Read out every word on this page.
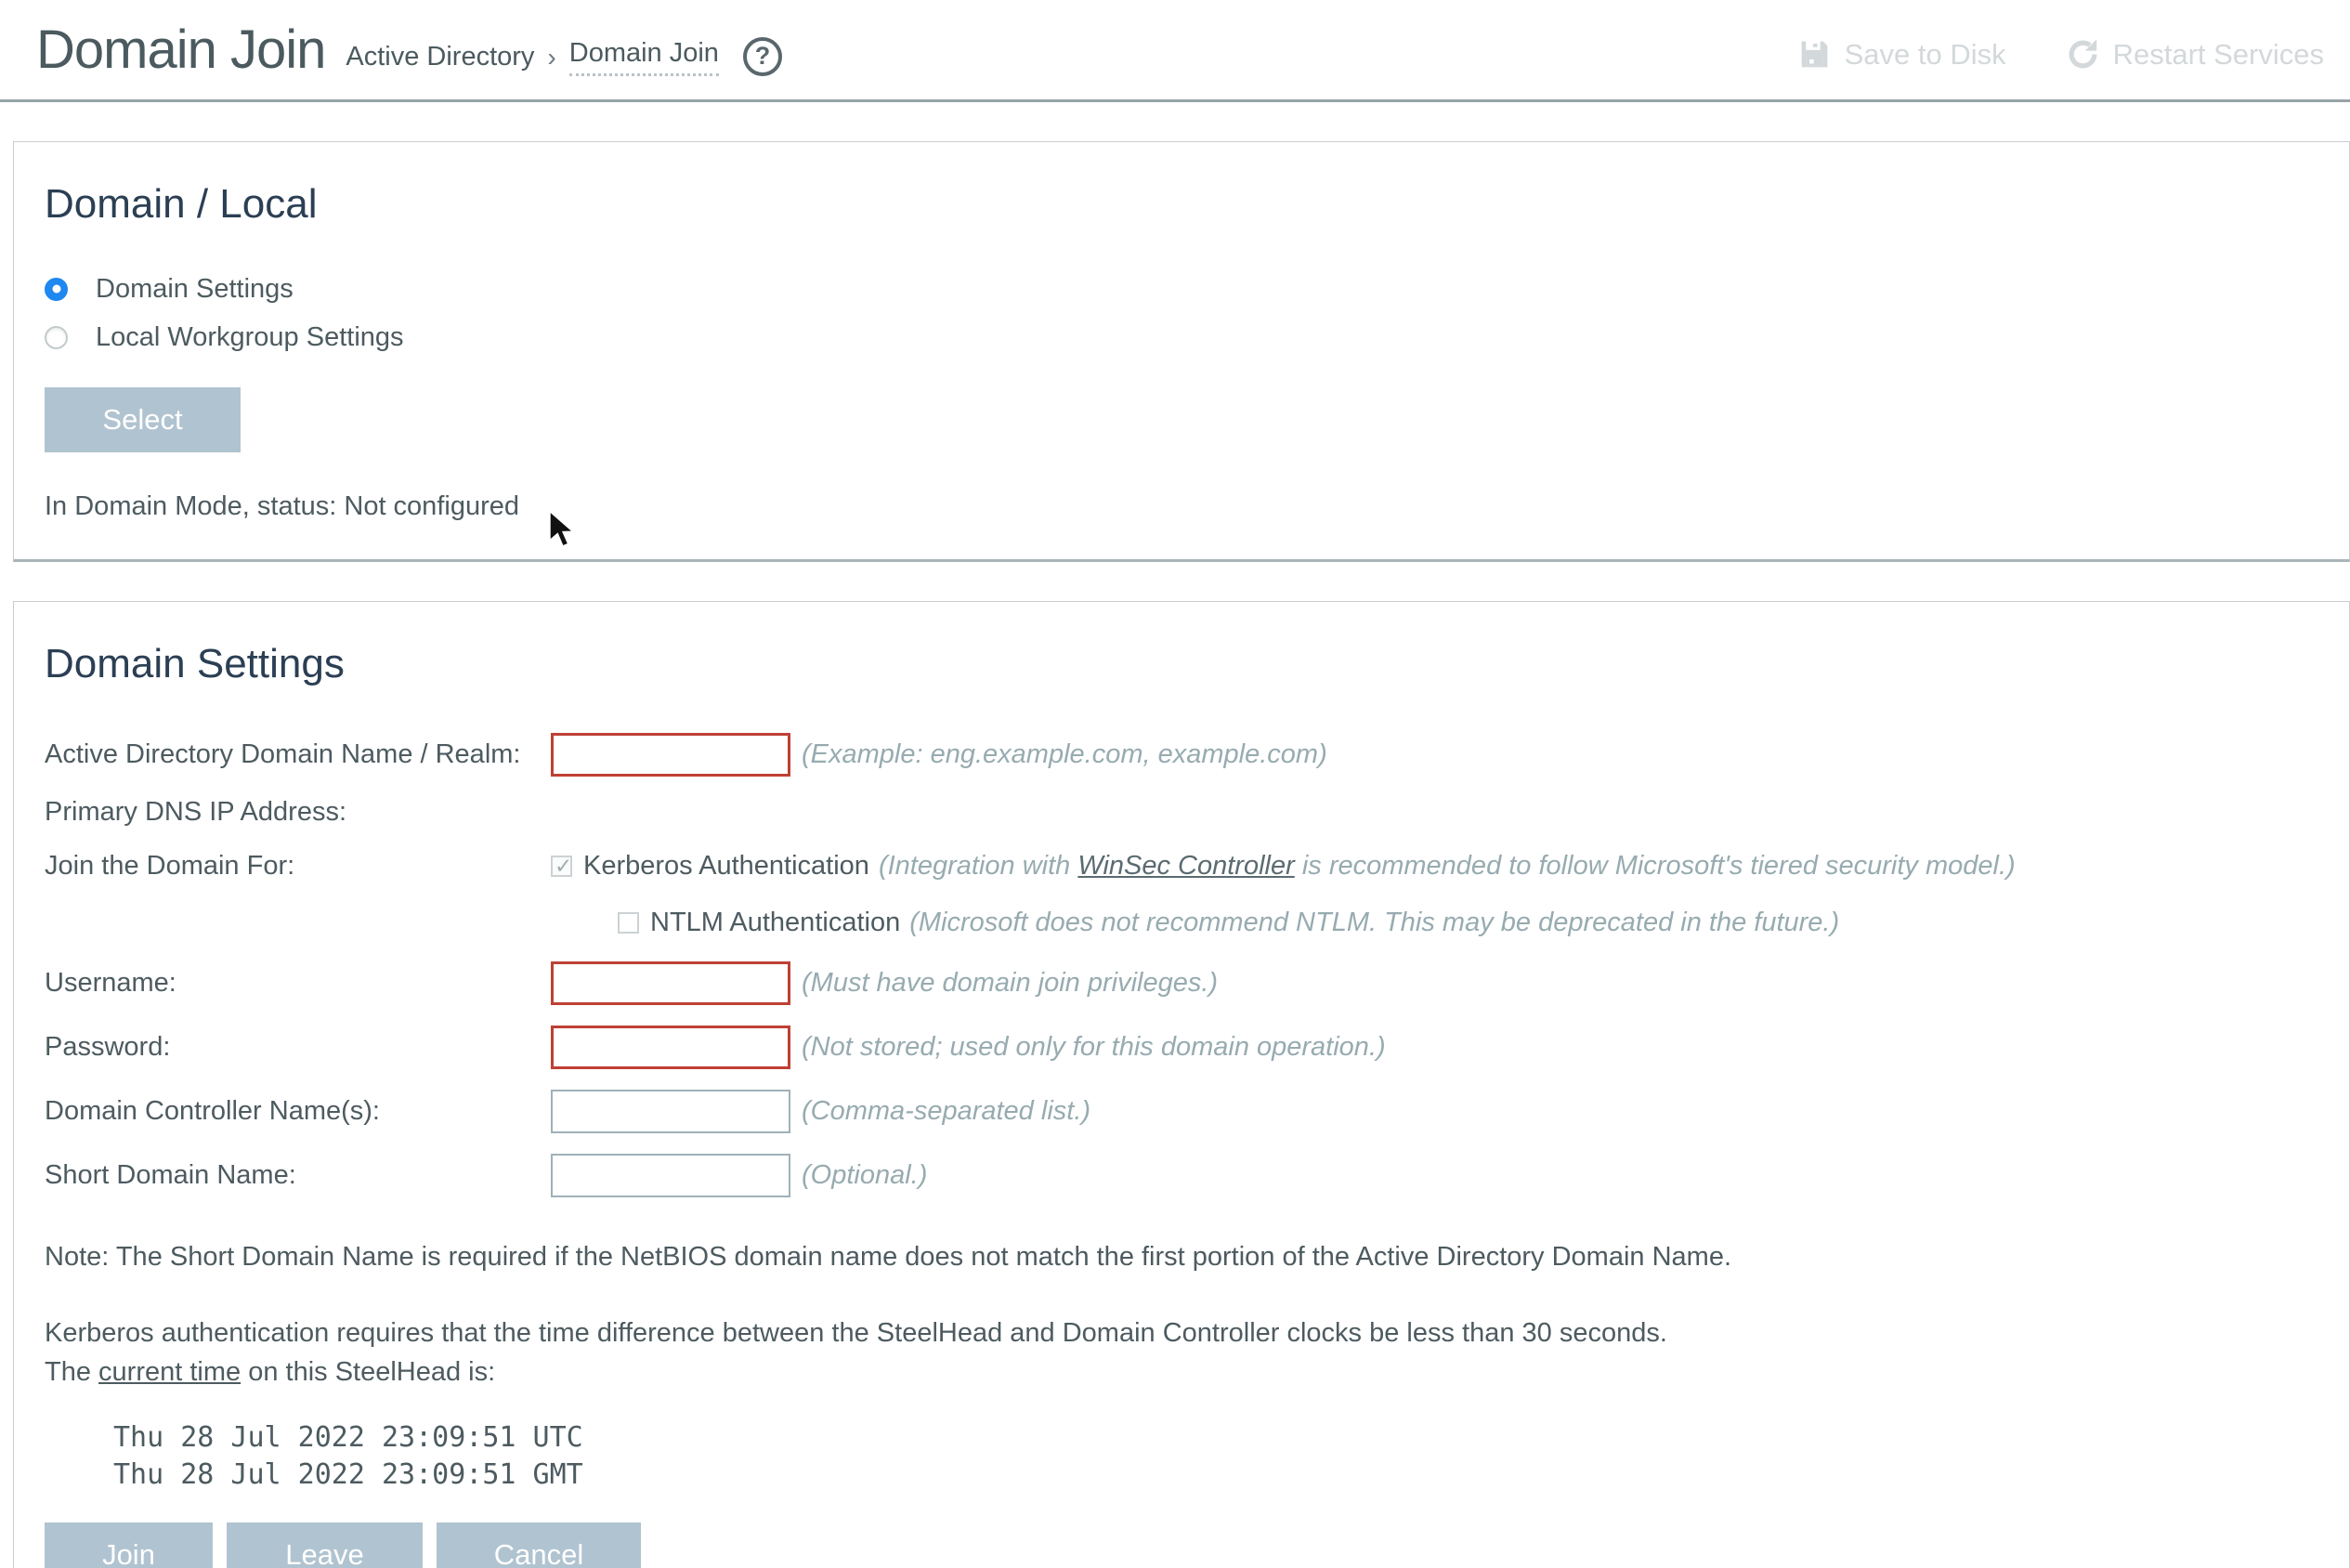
Domain Join Active Directory › Domain Join	?	Save to Disk	Restart Services
Domain / Local
Domain Settings
Local Workgroup Settings
Select
In Domain Mode, status: Not configured
Domain Settings
Active Directory Domain Name / Realm:	(Example: eng.example.com, example.com)
Primary DNS IP Address:
Join the Domain For: ✓	Kerberos Authentication (Integration with WinSec Controller is recommended to follow Microsoft's tiered security model.)
NTLM Authentication (Microsoft does not recommend NTLM. This may be deprecated in the future.)
Username:	(Must have domain join privileges.)
Password:	(Not stored; used only for this domain operation.)
Domain Controller Name(s):	(Comma-separated list.)
Short Domain Name:	(Optional.)
Note: The Short Domain Name is required if the NetBIOS domain name does not match the first portion of the Active Directory Domain Name.
Kerberos authentication requires that the time difference between the SteelHead and Domain Controller clocks be less than 30 seconds.
The current time on this SteelHead is:
Thu 28 Jul 2022 23:09:51 UTC
Thu 28 Jul 2022 23:09:51 GMT
Join	Leave	Cancel
